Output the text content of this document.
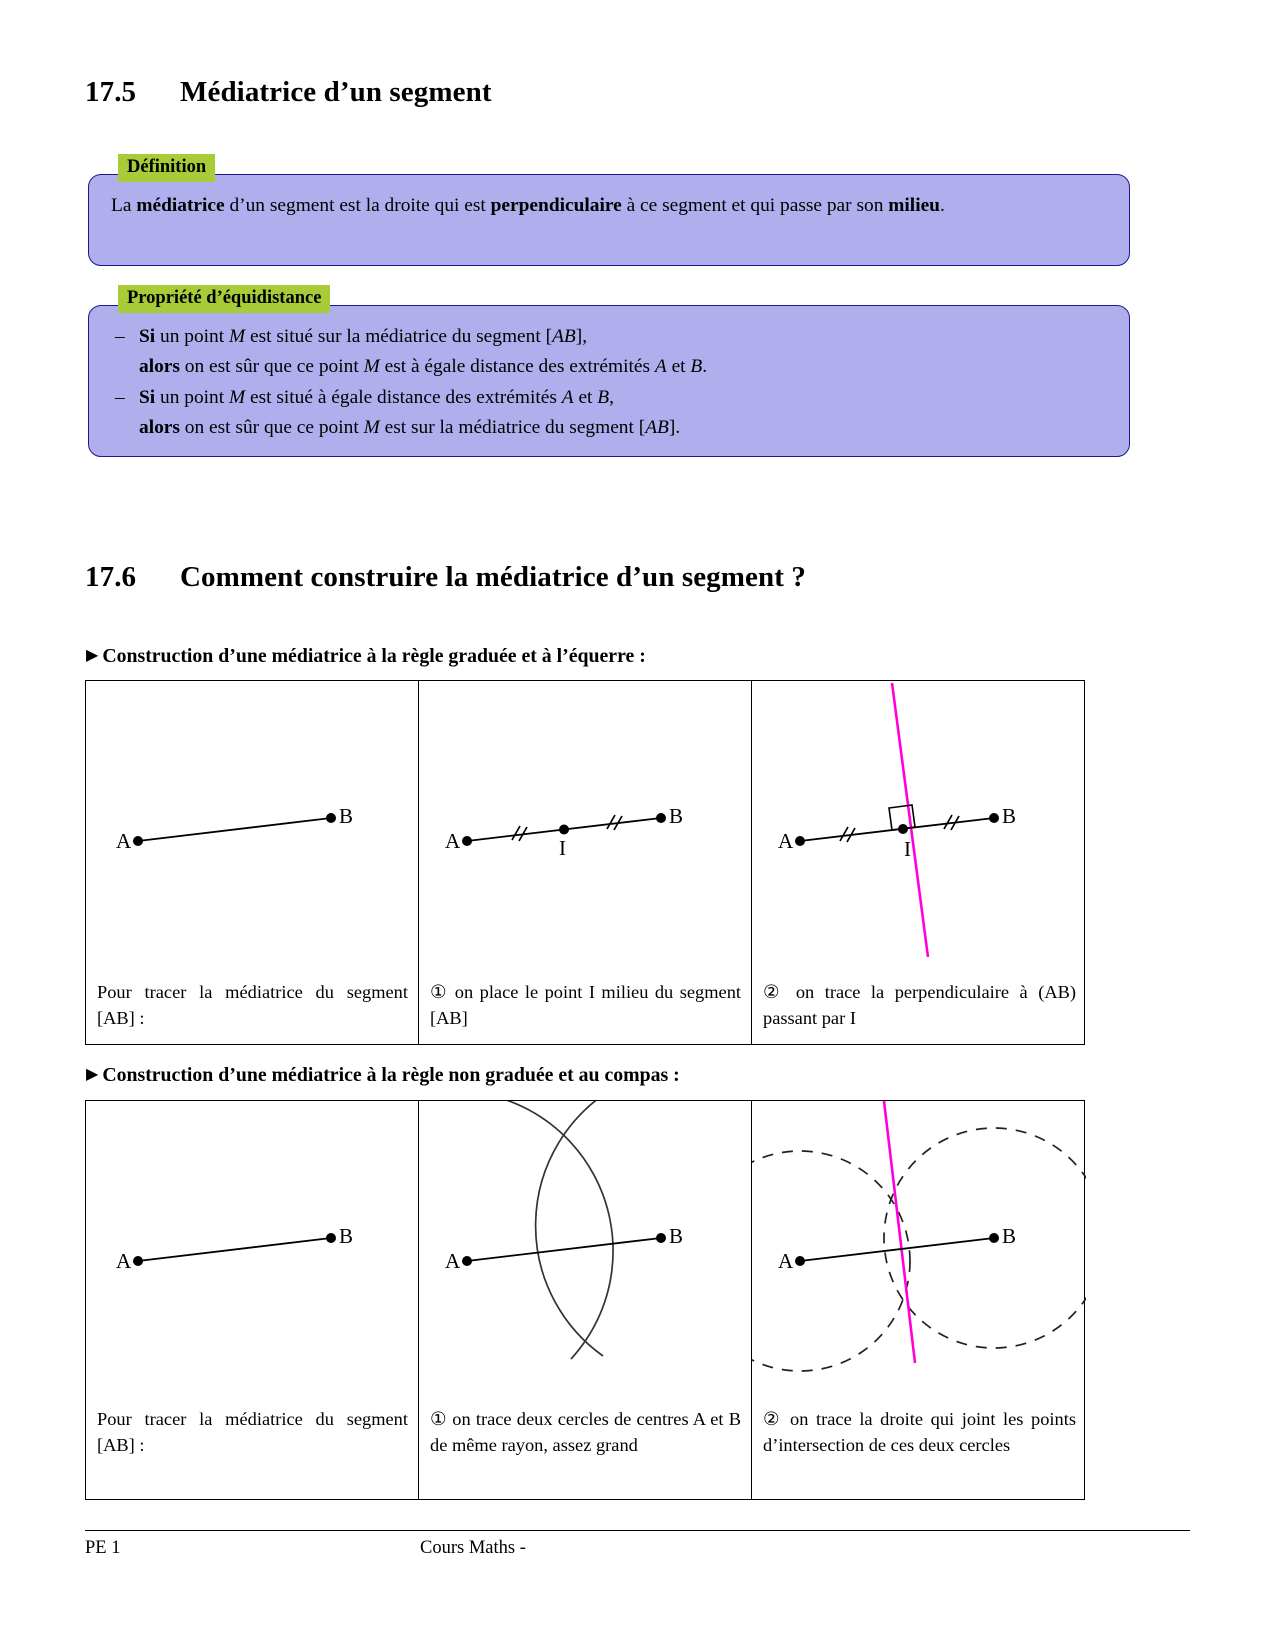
17.5 Médiatrice d’un segment
Définition
La médiatrice d’un segment est la droite qui est perpendiculaire à ce segment et qui passe par son milieu.
Propriété d’équidistance
– Si un point M est situé sur la médiatrice du segment [AB],
alors on est sûr que ce point M est à égale distance des extrémités A et B.
– Si un point M est situé à égale distance des extrémités A et B,
alors on est sûr que ce point M est sur la médiatrice du segment [AB].
17.6 Comment construire la médiatrice d’un segment ?
▶ Construction d’une médiatrice à la règle graduée et à l’équerre :
A
B
Pour tracer la médiatrice du segment [AB] :
A
B
I
① on place le point I milieu du segment [AB]
A
B
I
② on trace la perpendiculaire à (AB) passant par I
▶ Construction d’une médiatrice à la règle non graduée et au compas :
A
B
Pour tracer la médiatrice du segment [AB] :
A
B
① on trace deux cercles de centres A et B de même rayon, assez grand
A
B
② on trace la droite qui joint les points d’intersection de ces deux cercles
PE 1	Cours Maths -
